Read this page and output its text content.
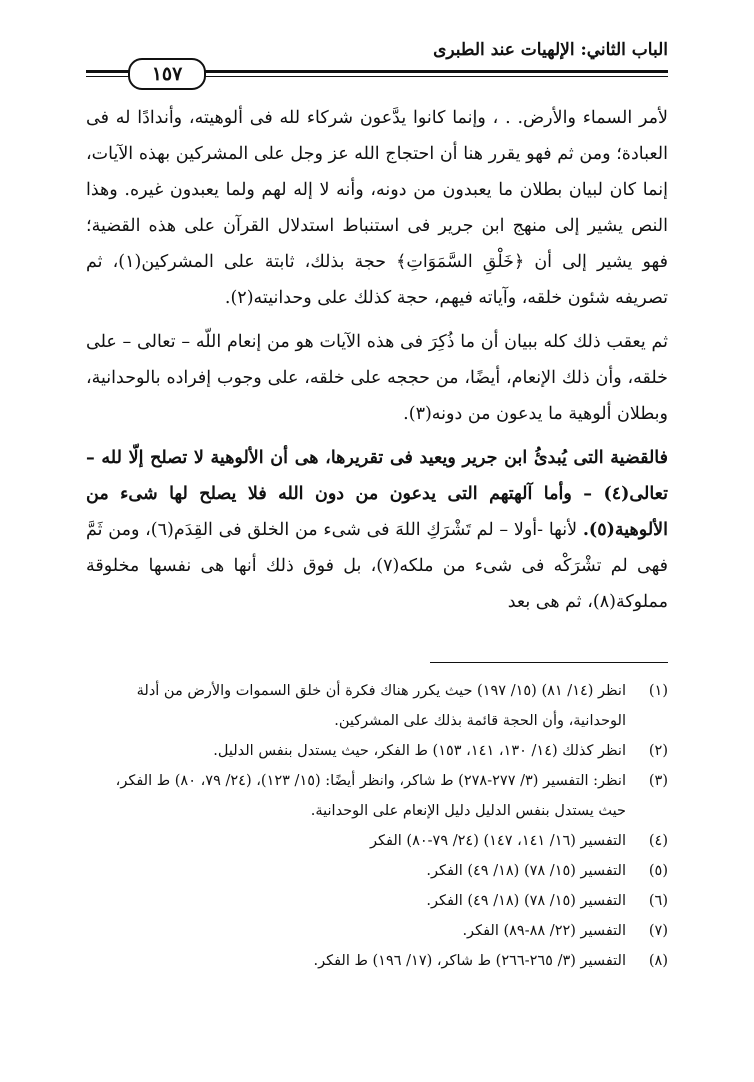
الباب الثاني: الإلهيات عند الطبرى
١٥٧

لأمر السماء والأرض. . ، وإنما كانوا يدَّعون شركاء لله فى ألوهيته، وأندادًا له فى العبادة؛ ومن ثم فهو يقرر هنا أن احتجاج الله عز وجل على المشركين بهذه الآيات، إنما كان لبيان بطلان ما يعبدون من دونه، وأنه لا إله لهم ولما يعبدون غيره. وهذا النص يشير إلى منهج ابن جرير فى استنباط استدلال القرآن على هذه القضية؛ فهو يشير إلى أن ﴿خَلْقِ السَّمَوَاتِ﴾ حجة بذلك، ثابتة على المشركين(١)، ثم تصريفه شئون خلقه، وآياته فيهم، حجة كذلك على وحدانيته(٢).

ثم يعقب ذلك كله ببيان أن ما ذُكِرَ فى هذه الآيات هو من إنعام اللّه – تعالى – على خلقه، وأن ذلك الإنعام، أيضًا، من حججه على خلقه، على وجوب إفراده بالوحدانية، وبطلان ألوهية ما يدعون من دونه(٣).

فالقضية التى يُبدئُ ابن جرير ويعيد فى تقريرها، هى أن الألوهية لا تصلح إلّا لله – تعالى(٤) – وأما آلهتهم التى يدعون من دون الله فلا يصلح لها شىء من الألوهية(٥). لأنها -أولا – لم تَشْرَكِ اللهَ فى شىء من الخلق فى القِدَم(٦)، ومن ثَمَّ فهى لم تشْرَكْه فى شىء من ملكه(٧)، بل فوق ذلك أنها هى نفسها مخلوقة مملوكة(٨)، ثم هى بعد

(١)
انظر (١٤/ ٨١) (١٥/ ١٩٧) حيث يكرر هناك فكرة أن خلق السموات والأرض من أدلة الوحدانية، وأن الحجة قائمة بذلك على المشركين.
(٢)
انظر كذلك (١٤/ ١٣٠، ١٤١، ١٥٣) ط الفكر، حيث يستدل بنفس الدليل.
(٣)
انظر: التفسير (٣/ ٢٧٧-٢٧٨) ط شاكر، وانظر أيضًا: (١٥/ ١٢٣)، (٢٤/ ٧٩، ٨٠) ط الفكر، حيث يستدل بنفس الدليل دليل الإنعام على الوحدانية.
(٤)
التفسير (١٦/ ١٤١، ١٤٧) (٢٤/ ٧٩-٨٠) الفكر
(٥)
التفسير (١٥/ ٧٨) (١٨/ ٤٩) الفكر.
(٦)
التفسير (١٥/ ٧٨) (١٨/ ٤٩) الفكر.
(٧)
التفسير (٢٢/ ٨٨-٨٩) الفكر.
(٨)
التفسير (٣/ ٢٦٥-٢٦٦) ط شاكر، (١٧/ ١٩٦) ط الفكر.
